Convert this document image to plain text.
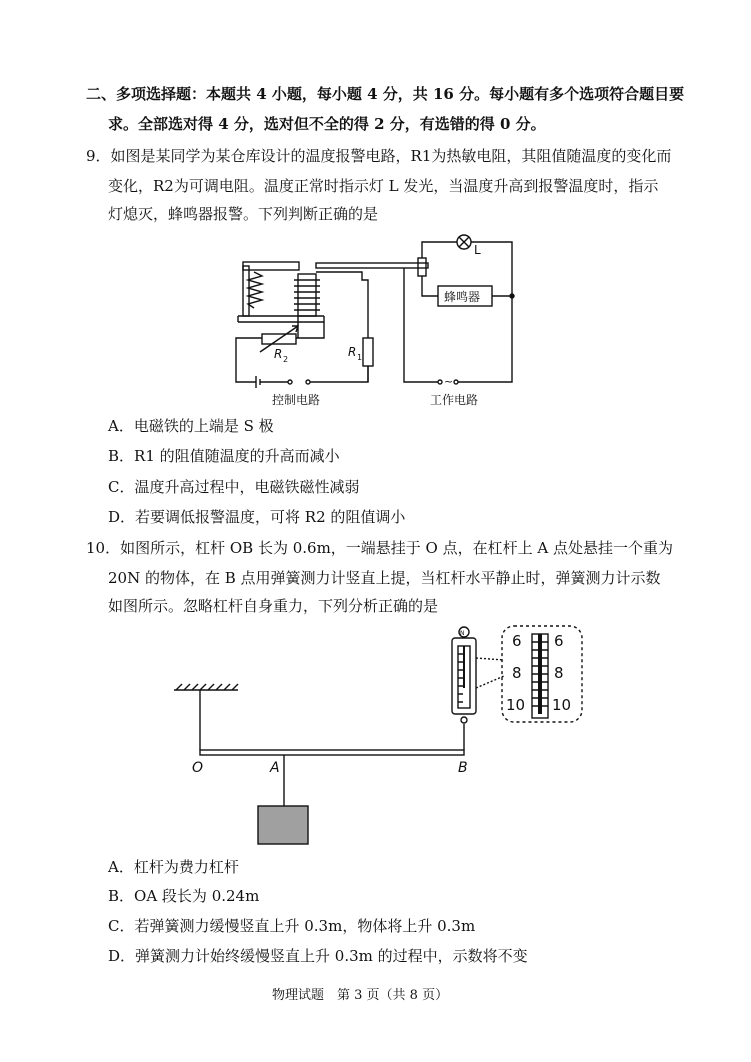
二、多项选择题：本题共 4 小题，每小题 4 分，共 16 分。每小题有多个选项符合题目要
求。全部选对得 4 分，选对但不全的得 2 分，有选错的得 0 分。
9．如图是某同学为某仓库设计的温度报警电路，R1为热敏电阻，其阻值随温度的变化而
变化，R2为可调电阻。温度正常时指示灯 L 发光，当温度升高到报警温度时，指示
灯熄灭，蜂鸣器报警。下列判断正确的是
L
蜂鸣器
R 1
R 2
~
控制电路	工作电路
A．电磁铁的上端是 S 极
B．R1 的阻值随温度的升高而减小
C．温度升高过程中，电磁铁磁性减弱
D．若要调低报警温度，可将 R2 的阻值调小
10．如图所示，杠杆 OB 长为 0.6m，一端悬挂于 O 点，在杠杆上 A 点处悬挂一个重为
20N 的物体，在 B 点用弹簧测力计竖直上提，当杠杆水平静止时，弹簧测力计示数
如图所示。忽略杠杆自身重力，下列分析正确的是
N	6 6
8 8
10 10
O	A	B
A．杠杆为费力杠杆
B．OA 段长为 0.24m
C．若弹簧测力缓慢竖直上升 0.3m，物体将上升 0.3m
D．弹簧测力计始终缓慢竖直上升 0.3m 的过程中，示数将不变
物理试题　第 3 页（共 8 页）
